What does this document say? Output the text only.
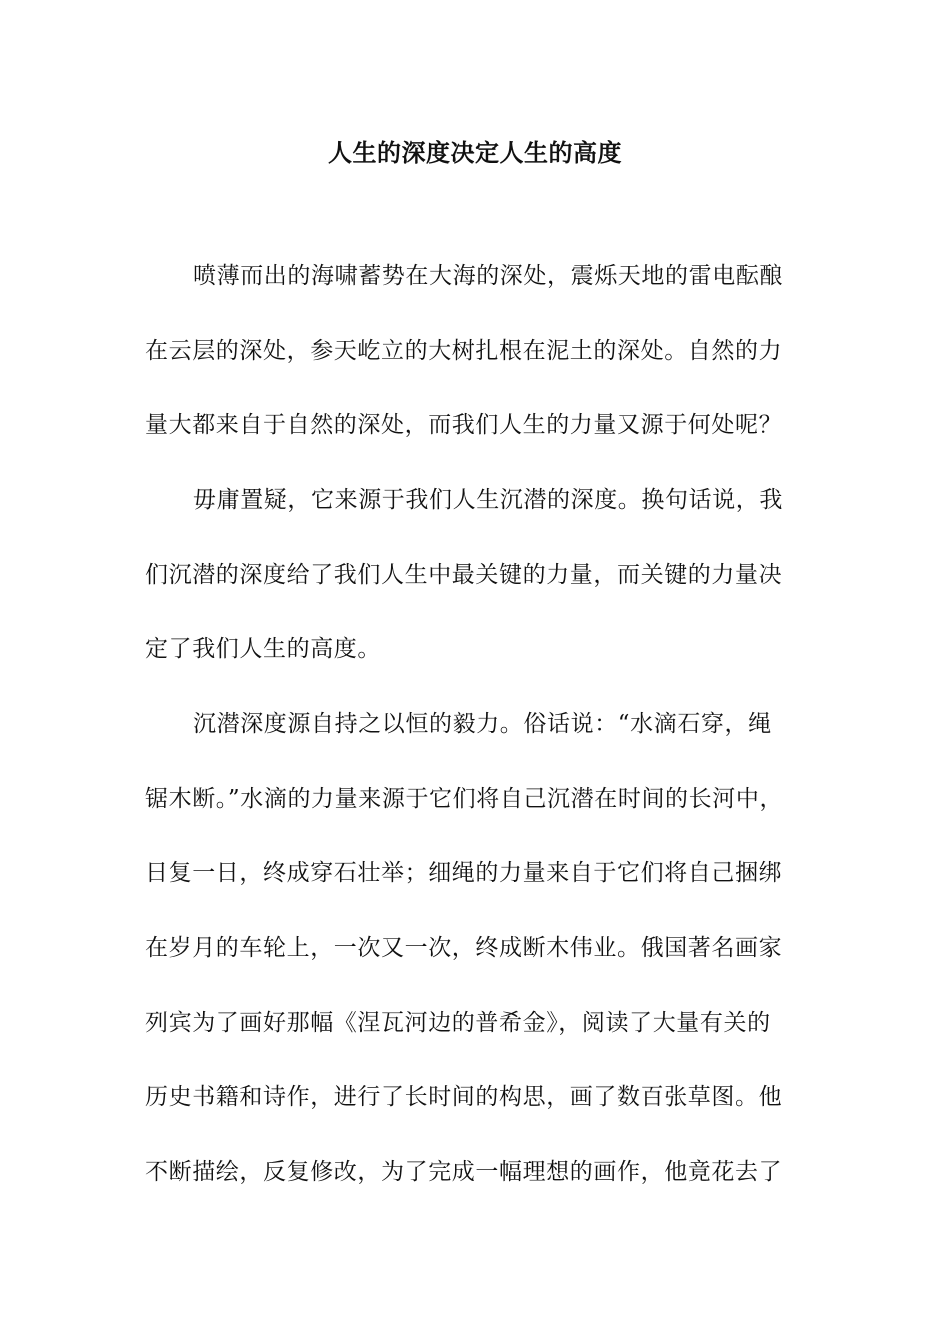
人生的深度决定人生的高度
喷薄而出的海啸蓄势在大海的深处，震烁天地的雷电酝酿
在云层的深处，参天屹立的大树扎根在泥土的深处。自然的力
量大都来自于自然的深处，而我们人生的力量又源于何处呢？
毋庸置疑，它来源于我们人生沉潜的深度。换句话说，我
们沉潜的深度给了我们人生中最关键的力量，而关键的力量决
定了我们人生的高度。
沉潜深度源自持之以恒的毅力。俗话说：“水滴石穿，绳
锯木断。”水滴的力量来源于它们将自己沉潜在时间的长河中，
日复一日，终成穿石壮举；细绳的力量来自于它们将自己捆绑
在岁月的车轮上，一次又一次，终成断木伟业。俄国著名画家
列宾为了画好那幅《涅瓦河边的普希金》，阅读了大量有关的
历史书籍和诗作，进行了长时间的构思，画了数百张草图。他
不断描绘，反复修改，为了完成一幅理想的画作，他竟花去了
